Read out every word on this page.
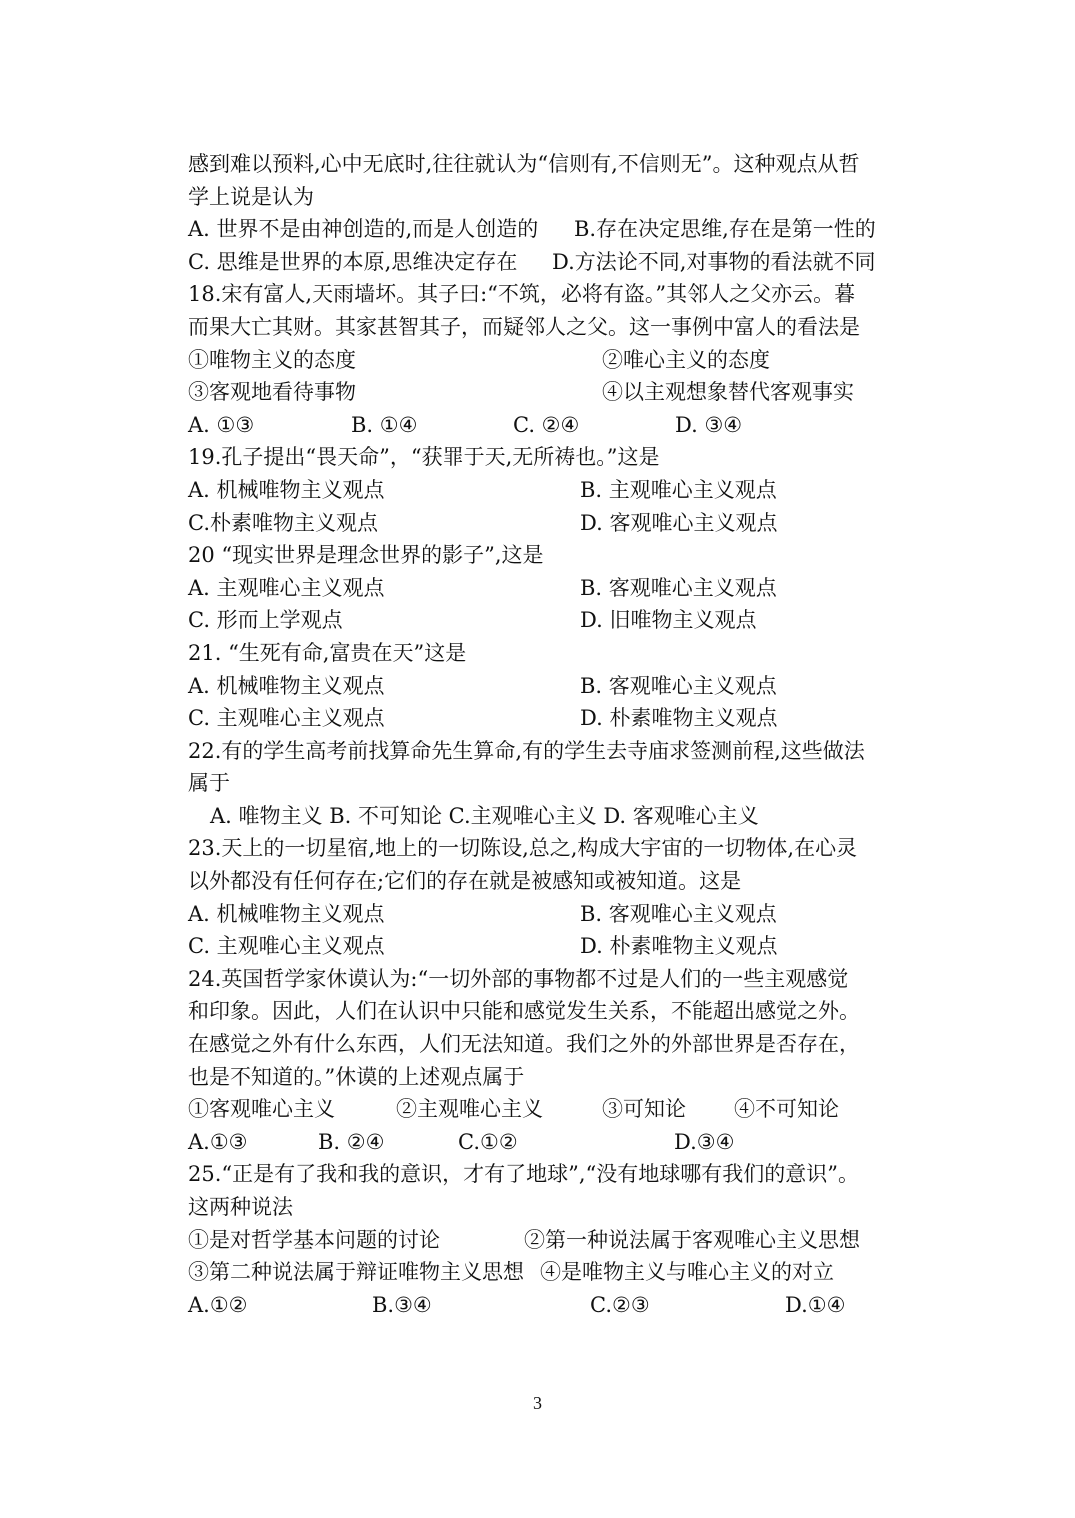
感到难以预料,心中无底时,往往就认为“信则有,不信则无”。这种观点从哲
学上说是认为
A. 世界不是由神创造的,而是人创造的 B.存在决定思维,存在是第一性的
C. 思维是世界的本原,思维决定存在 D.方法论不同,对事物的看法就不同
18.宋有富人,天雨墙坏。其子曰:“不筑，必将有盗。”其邻人之父亦云。暮
而果大亡其财。其家甚智其子，而疑邻人之父。这一事例中富人的看法是
①唯物主义的态度	②唯心主义的态度
③客观地看待事物	④以主观想象替代客观事实
A. ①③	B. ①④	C. ②④	D. ③④
19.孔子提出“畏天命”，“获罪于天,无所祷也。”这是
A. 机械唯物主义观点	B. 主观唯心主义观点
C.朴素唯物主义观点	D. 客观唯心主义观点
20 “现实世界是理念世界的影子”,这是
A. 主观唯心主义观点	B. 客观唯心主义观点
C. 形而上学观点	D. 旧唯物主义观点
21. “生死有命,富贵在天”这是
A. 机械唯物主义观点	B. 客观唯心主义观点
C. 主观唯心主义观点	D. 朴素唯物主义观点
22.有的学生高考前找算命先生算命,有的学生去寺庙求签测前程,这些做法
属于
A. 唯物主义 B. 不可知论 C.主观唯心主义 D. 客观唯心主义
23.天上的一切星宿,地上的一切陈设,总之,构成大宇宙的一切物体,在心灵
以外都没有任何存在;它们的存在就是被感知或被知道。这是
A. 机械唯物主义观点	B. 客观唯心主义观点
C. 主观唯心主义观点	D. 朴素唯物主义观点
24.英国哲学家休谟认为:“一切外部的事物都不过是人们的一些主观感觉
和印象。因此，人们在认识中只能和感觉发生关系，不能超出感觉之外。
在感觉之外有什么东西，人们无法知道。我们之外的外部世界是否存在，
也是不知道的。”休谟的上述观点属于
①客观唯心主义	②主观唯心主义	③可知论 ④不可知论
A.①③	B. ②④	C.①②	D.③④
25.“正是有了我和我的意识，才有了地球”,“没有地球哪有我们的意识”。
这两种说法
①是对哲学基本问题的讨论	②第一种说法属于客观唯心主义思想
③第二种说法属于辩证唯物主义思想 ④是唯物主义与唯心主义的对立
A.①②	B.③④	C.②③	D.①④
3
